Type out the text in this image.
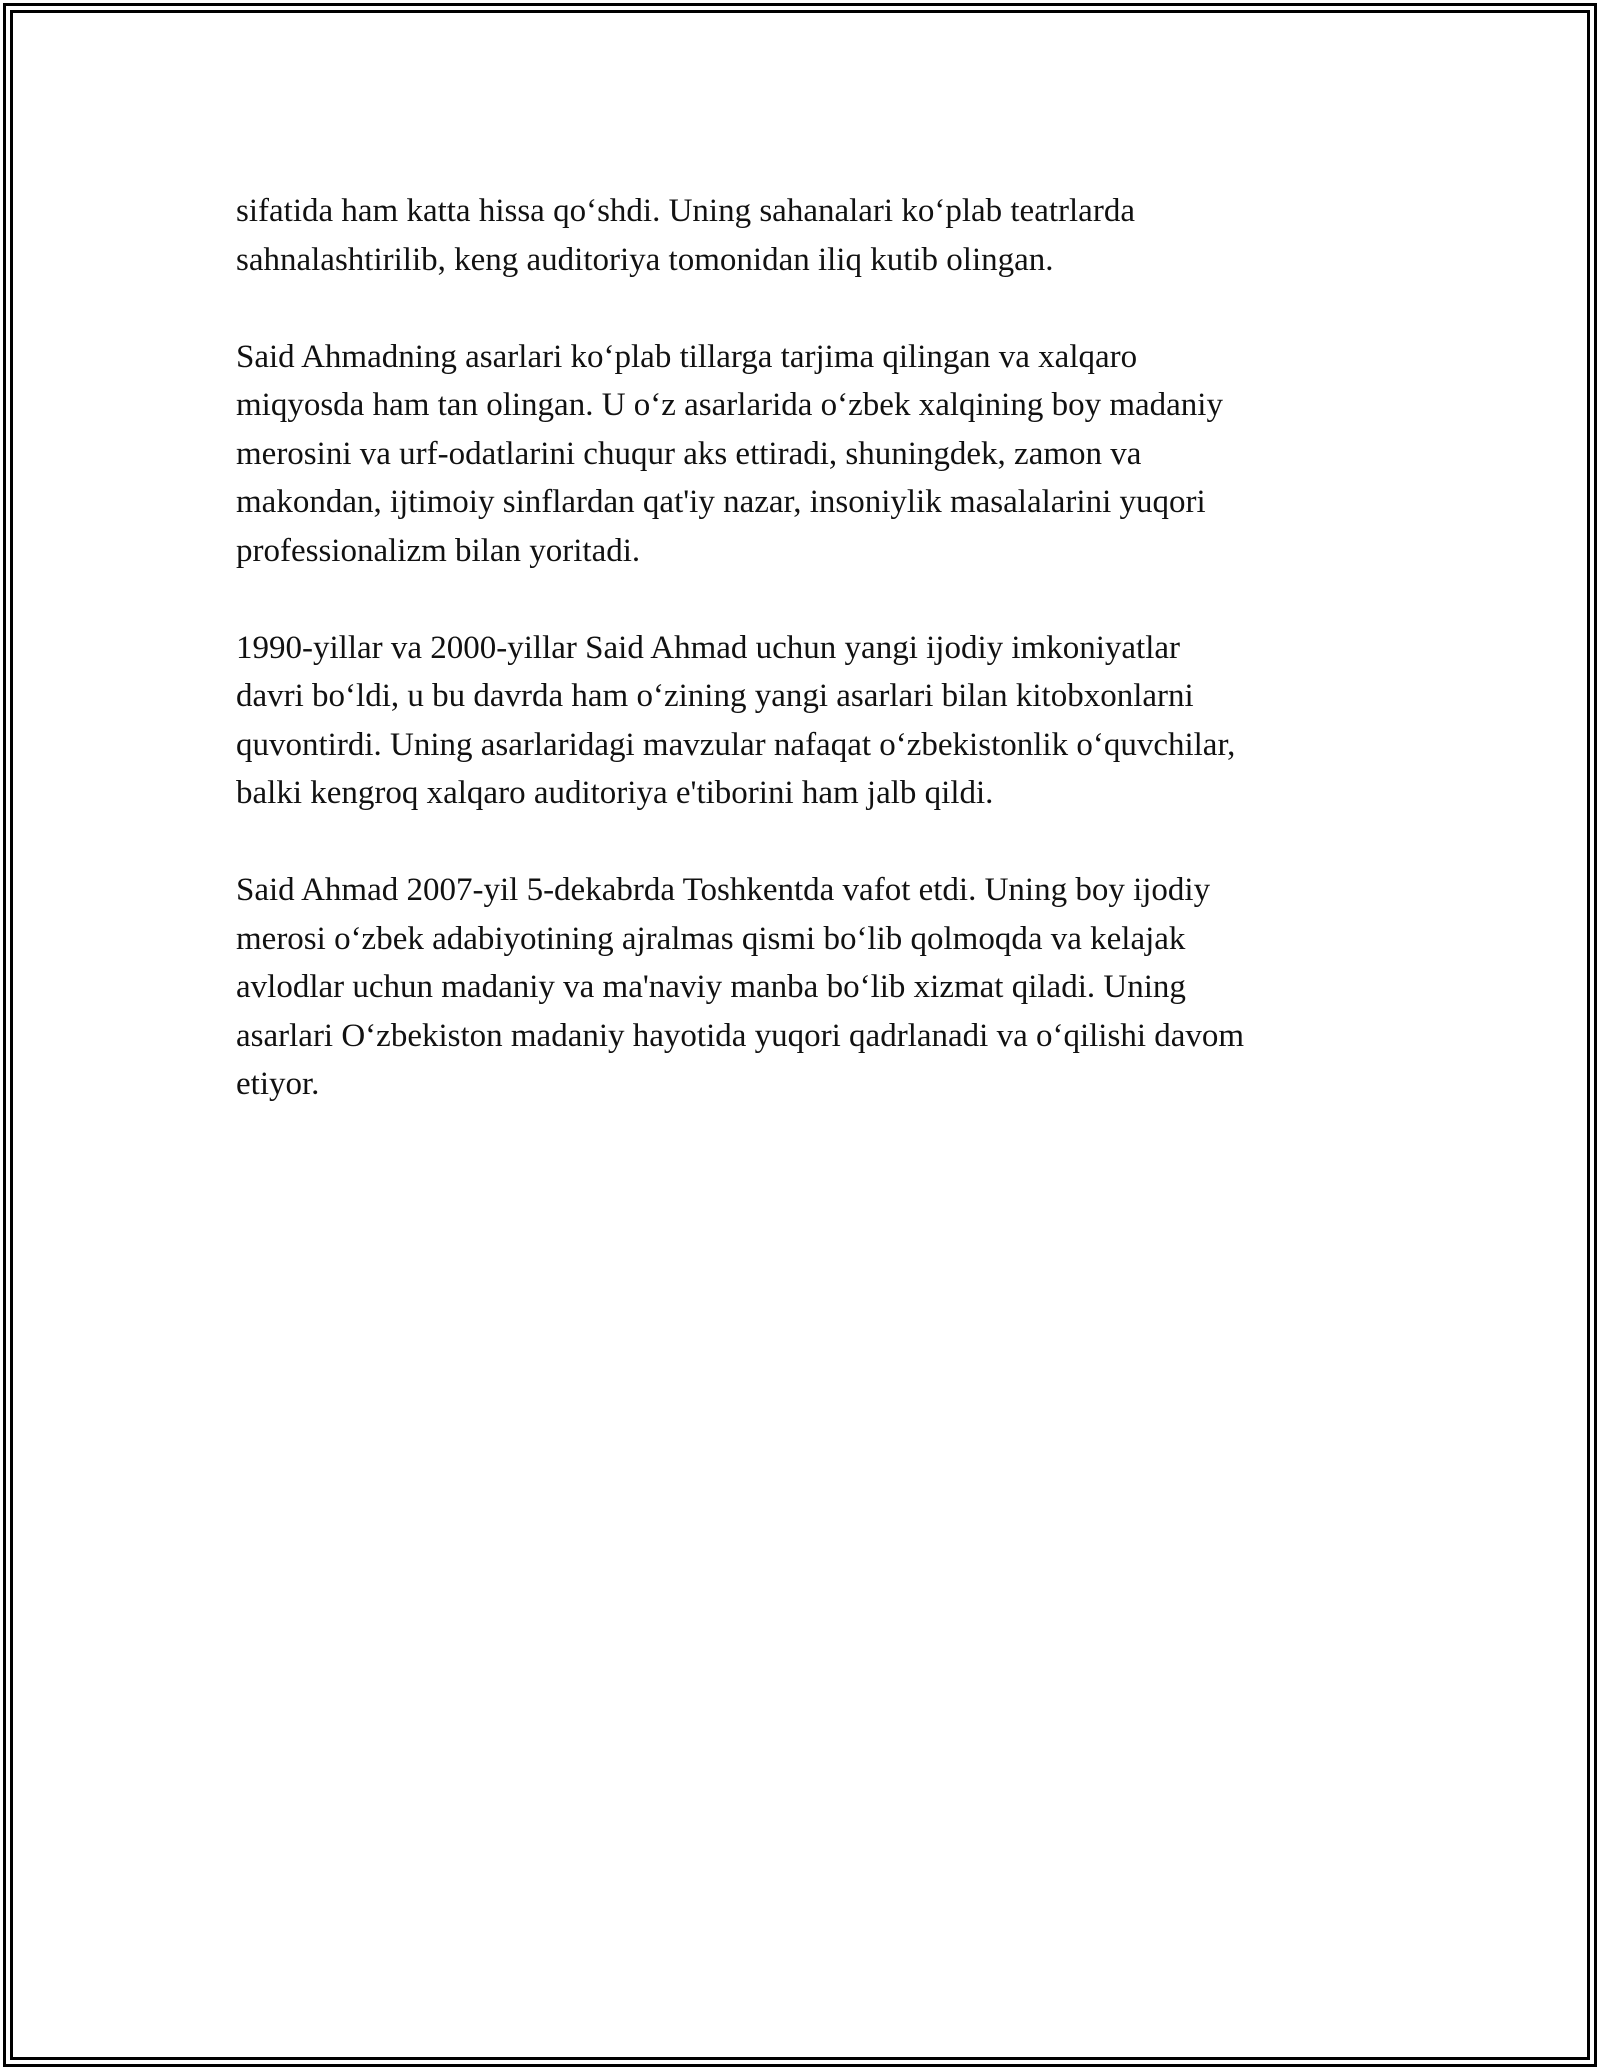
sifatida ham katta hissa qo‘shdi. Uning sahanalari ko‘plab teatrlarda
sahnalashtirilib, keng auditoriya tomonidan iliq kutib olingan.

Said Ahmadning asarlari ko‘plab tillarga tarjima qilingan va xalqaro
miqyosda ham tan olingan. U o‘z asarlarida o‘zbek xalqining boy madaniy
merosini va urf-odatlarini chuqur aks ettiradi, shuningdek, zamon va
makondan, ijtimoiy sinflardan qat'iy nazar, insoniylik masalalarini yuqori
professionalizm bilan yoritadi.

1990-yillar va 2000-yillar Said Ahmad uchun yangi ijodiy imkoniyatlar
davri bo‘ldi, u bu davrda ham o‘zining yangi asarlari bilan kitobxonlarni
quvontirdi. Uning asarlaridagi mavzular nafaqat o‘zbekistonlik o‘quvchilar,
balki kengroq xalqaro auditoriya e'tiborini ham jalb qildi.

Said Ahmad 2007-yil 5-dekabrda Toshkentda vafot etdi. Uning boy ijodiy
merosi o‘zbek adabiyotining ajralmas qismi bo‘lib qolmoqda va kelajak
avlodlar uchun madaniy va ma'naviy manba bo‘lib xizmat qiladi. Uning
asarlari O‘zbekiston madaniy hayotida yuqori qadrlanadi va o‘qilishi davom
etiyor.
